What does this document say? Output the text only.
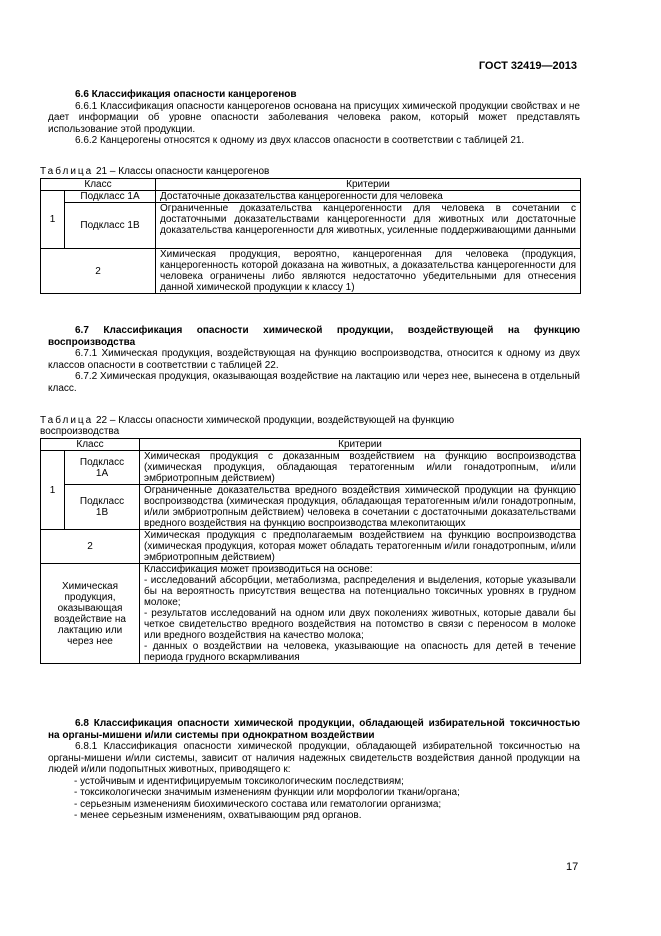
ГОСТ 32419—2013
6.6 Классификация опасности канцерогенов
6.6.1 Классификация опасности канцерогенов основана на присущих химической продукции свойствах и не дает информации об уровне опасности заболевания человека раком, который может представлять использование этой продукции.
6.6.2 Канцерогены относятся к одному из двух классов опасности в соответствии с таблицей 21.
Таблица 21 – Классы опасности канцерогенов
Класс		Критерии
1	Подкласс 1А	Достаточные доказательства канцерогенности для человека
	Подкласс 1В	Ограниченные доказательства канцерогенности для человека в сочетании с достаточными доказательствами канцерогенности для животных или достаточные доказательства канцерогенности для животных, усиленные поддерживающими данными
2		Химическая продукция, вероятно, канцерогенная для человека (продукция, канцерогенность которой доказана на животных, а доказательства канцерогенности для человека ограничены либо являются недостаточно убедительными для отнесения данной химической продукции к классу 1)
6.7 Классификация опасности химической продукции, воздействующей на функцию воспроизводства
6.7.1 Химическая продукция, воздействующая на функцию воспроизводства, относится к одному из двух классов опасности в соответствии с таблицей 22.
6.7.2 Химическая продукция, оказывающая воздействие на лактацию или через нее, вынесена в отдельный класс.
Таблица 22 – Классы опасности химической продукции, воздействующей на функцию воспроизводства
Класс		Критерии
1	Подкласс 1А	Химическая продукция с доказанным воздействием на функцию воспроизводства (химическая продукция, обладающая тератогенным и/или гонадотропным, и/или эмбриотропным действием)
	Подкласс 1В	Ограниченные доказательства вредного воздействия химической продукции на функцию воспроизводства (химическая продукция, обладающая тератогенным и/или гонадотропным, и/или эмбриотропным действием) человека в сочетании с достаточными доказательствами вредного воздействия на функцию воспроизводства млекопитающих
2		Химическая продукция с предполагаемым воздействием на функцию воспроизводства (химическая продукция, которая может обладать тератогенным и/или гонадотропным, и/или эмбриотропным действием)
Химическая продукция, оказывающая воздействие на лактацию или через нее		Классификация может производиться на основе:
- исследований абсорбции, метаболизма, распределения и выделения, которые указывали бы на вероятность присутствия вещества на потенциально токсичных уровнях в грудном молоке;
- результатов исследований на одном или двух поколениях животных, которые давали бы четкое свидетельство вредного воздействия на потомство в связи с переносом в молоке или вредного воздействия на качество молока;
- данных о воздействии на человека, указывающие на опасность для детей в течение периода грудного вскармливания
6.8 Классификация опасности химической продукции, обладающей избирательной токсичностью на органы-мишени и/или системы при однократном воздействии
6.8.1 Классификация опасности химической продукции, обладающей избирательной токсичностью на органы-мишени и/или системы, зависит от наличия надежных свидетельств воздействия данной продукции на людей и/или подопытных животных, приводящего к:
- устойчивым и идентифицируемым токсикологическим последствиям;
- токсикологически значимым изменениям функции или морфологии ткани/органа;
- серьезным изменениям биохимического состава или гематологии организма;
- менее серьезным изменениям, охватывающим ряд органов.
17
